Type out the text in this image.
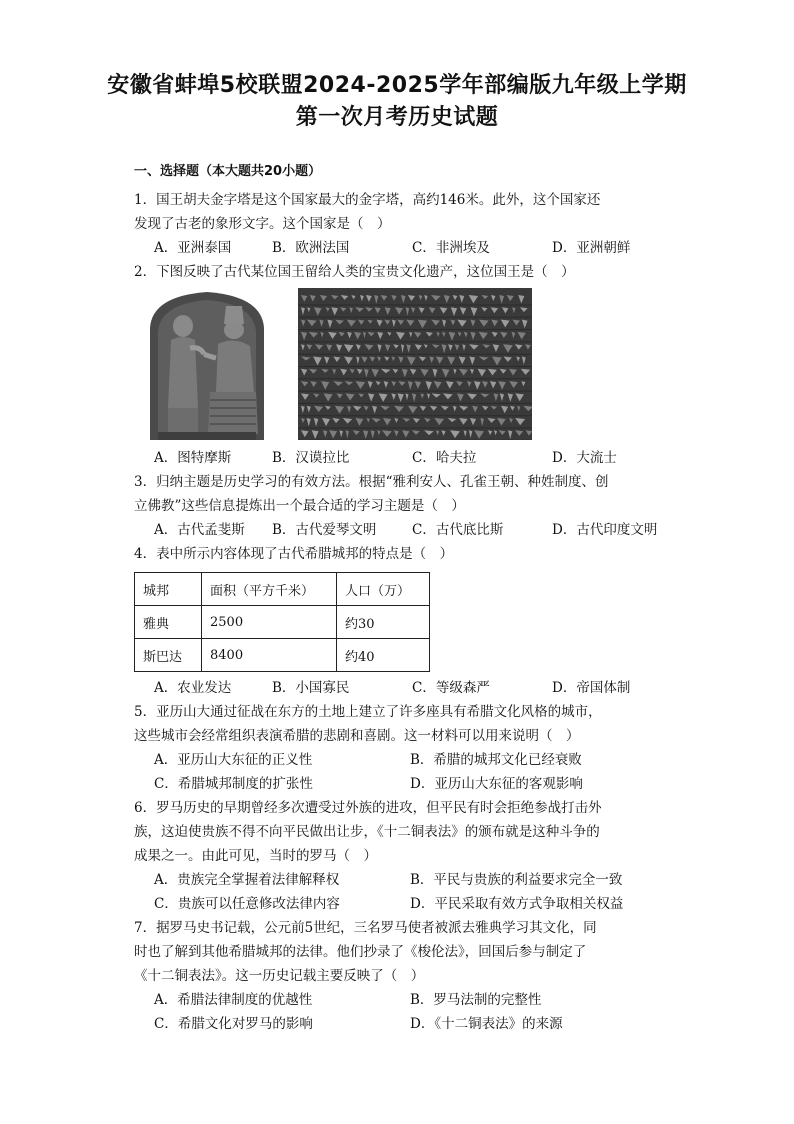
安徽省蚌埠5校联盟2024-2025学年部编版九年级上学期
第一次月考历史试题
一、选择题（本大题共20小题）

1．国王胡夫金字塔是这个国家最大的金字塔，高约146米。此外，这个国家还

发现了古老的象形文字。这个国家是（　）

A．亚洲泰国	B．欧洲法国	C．非洲埃及	D．亚洲朝鲜

2．下图反映了古代某位国王留给人类的宝贵文化遗产，这位国王是（　）

A．图特摩斯	B．汉谟拉比	C．哈夫拉	D．大流士

3．归纳主题是历史学习的有效方法。根据“雅利安人、孔雀王朝、种姓制度、创

立佛教”这些信息提炼出一个最合适的学习主题是（　）

A．古代孟斐斯	B．古代爱琴文明	C．古代底比斯	D．古代印度文明

4．表中所示内容体现了古代希腊城邦的特点是（　）

城邦	面积（平方千米）	人口（万）
雅典	2500	约30
斯巴达	8400	约40
A．农业发达	B．小国寡民	C．等级森严	D．帝国体制

5．亚历山大通过征战在东方的土地上建立了许多座具有希腊文化风格的城市，

这些城市会经常组织表演希腊的悲剧和喜剧。这一材料可以用来说明（　）

A．亚历山大东征的正义性	B．希腊的城邦文化已经衰败
C．希腊城邦制度的扩张性	D．亚历山大东征的客观影响

6．罗马历史的早期曾经多次遭受过外族的进攻，但平民有时会拒绝参战打击外

族，这迫使贵族不得不向平民做出让步，《十二铜表法》的颁布就是这种斗争的

成果之一。由此可见，当时的罗马（　）

A．贵族完全掌握着法律解释权	B．平民与贵族的利益要求完全一致
C．贵族可以任意修改法律内容	D．平民采取有效方式争取相关权益

7．据罗马史书记载，公元前5世纪，三名罗马使者被派去雅典学习其文化，同

时也了解到其他希腊城邦的法律。他们抄录了《梭伦法》，回国后参与制定了

《十二铜表法》。这一历史记载主要反映了（　）

A．希腊法律制度的优越性	B．罗马法制的完整性
C．希腊文化对罗马的影响	D．《十二铜表法》的来源
